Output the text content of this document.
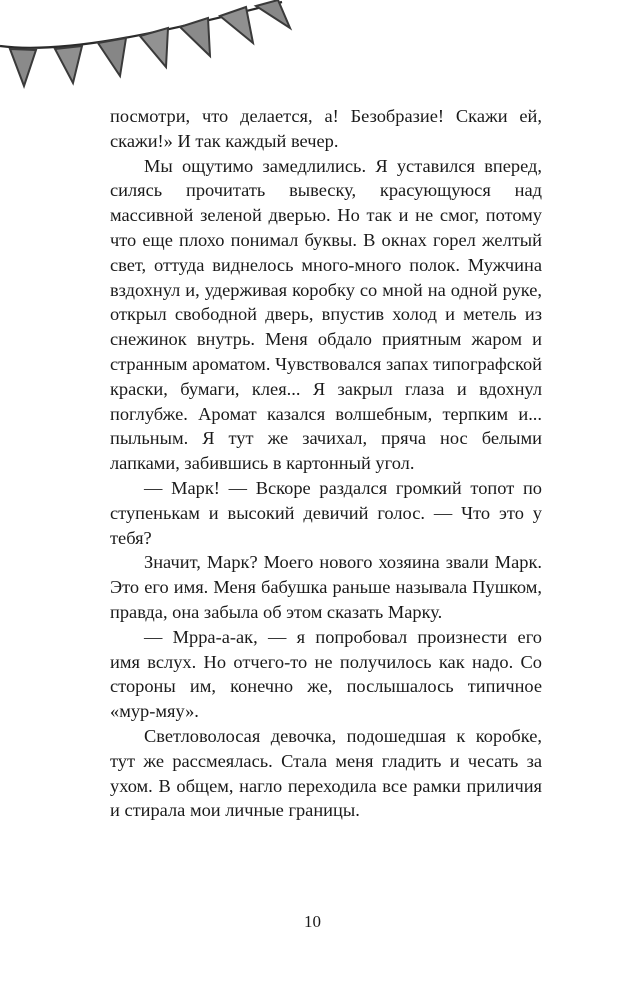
посмотри, что делается, а! Безобразие! Скажи ей, скажи!» И так каждый вечер.

Мы ощутимо замедлились. Я уставился вперед, силясь прочитать вывеску, красующуюся над массивной зеленой дверью. Но так и не смог, потому что еще плохо понимал буквы. В окнах горел желтый свет, оттуда виднелось много-много полок. Мужчина вздохнул и, удерживая коробку со мной на одной руке, открыл свободной дверь, впустив холод и метель из снежинок внутрь. Меня обдало приятным жаром и странным ароматом. Чувствовался запах типографской краски, бумаги, клея... Я закрыл глаза и вдохнул поглубже. Аромат казался волшебным, терпким и... пыльным. Я тут же зачихал, пряча нос белыми лапками, забившись в картонный угол.

— Марк! — Вскоре раздался громкий топот по ступенькам и высокий девичий голос. — Что это у тебя?

Значит, Марк? Моего нового хозяина звали Марк. Это его имя. Меня бабушка раньше называла Пушком, правда, она забыла об этом сказать Марку.

— Мрра-а-ак, — я попробовал произнести его имя вслух. Но отчего-то не получилось как надо. Со стороны им, конечно же, послышалось типичное «мур-мяу».

Светловолосая девочка, подошедшая к коробке, тут же рассмеялась. Стала меня гладить и чесать за ухом. В общем, нагло переходила все рамки приличия и стирала мои личные границы.

10
